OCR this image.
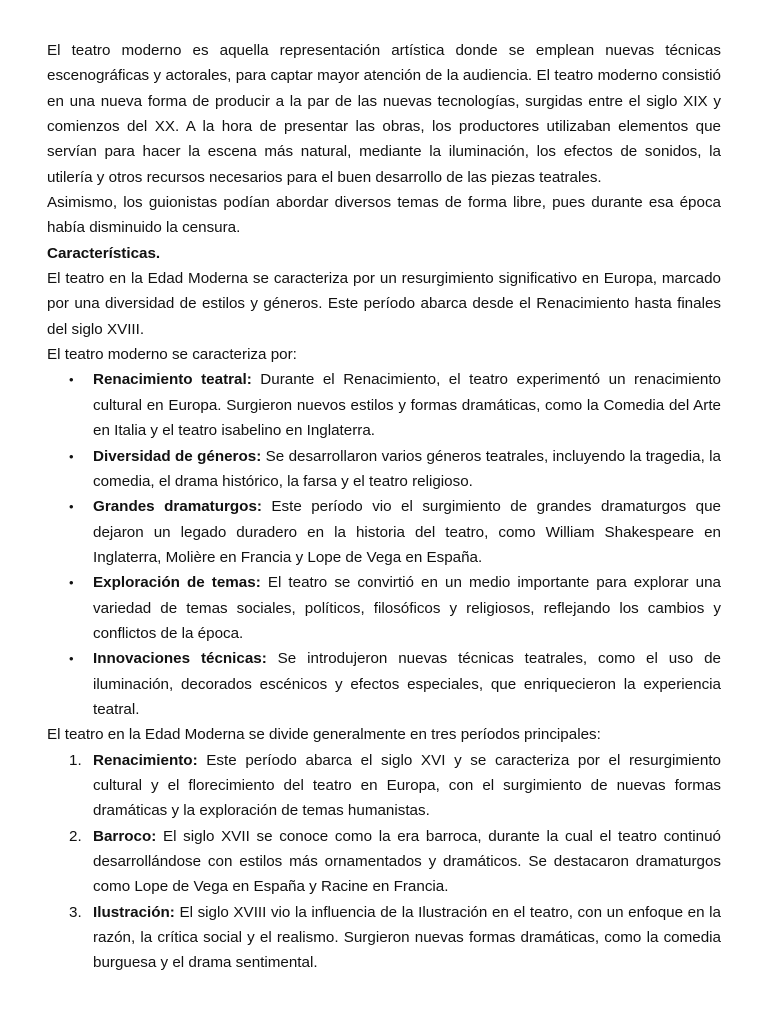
El teatro moderno es aquella representación artística donde se emplean nuevas técnicas escenográficas y actorales, para captar mayor atención de la audiencia. El teatro moderno consistió en una nueva forma de producir a la par de las nuevas tecnologías, surgidas entre el siglo XIX y comienzos del XX. A la hora de presentar las obras, los productores utilizaban elementos que servían para hacer la escena más natural, mediante la iluminación, los efectos de sonidos, la utilería y otros recursos necesarios para el buen desarrollo de las piezas teatrales.

Asimismo, los guionistas podían abordar diversos temas de forma libre, pues durante esa época había disminuido la censura.

Características.

El teatro en la Edad Moderna se caracteriza por un resurgimiento significativo en Europa, marcado por una diversidad de estilos y géneros. Este período abarca desde el Renacimiento hasta finales del siglo XVIII.

El teatro moderno se caracteriza por:

• Renacimiento teatral: Durante el Renacimiento, el teatro experimentó un renacimiento cultural en Europa. Surgieron nuevos estilos y formas dramáticas, como la Comedia del Arte en Italia y el teatro isabelino en Inglaterra.
• Diversidad de géneros: Se desarrollaron varios géneros teatrales, incluyendo la tragedia, la comedia, el drama histórico, la farsa y el teatro religioso.
• Grandes dramaturgos: Este período vio el surgimiento de grandes dramaturgos que dejaron un legado duradero en la historia del teatro, como William Shakespeare en Inglaterra, Molière en Francia y Lope de Vega en España.
• Exploración de temas: El teatro se convirtió en un medio importante para explorar una variedad de temas sociales, políticos, filosóficos y religiosos, reflejando los cambios y conflictos de la época.
• Innovaciones técnicas: Se introdujeron nuevas técnicas teatrales, como el uso de iluminación, decorados escénicos y efectos especiales, que enriquecieron la experiencia teatral.

El teatro en la Edad Moderna se divide generalmente en tres períodos principales:

1. Renacimiento: Este período abarca el siglo XVI y se caracteriza por el resurgimiento cultural y el florecimiento del teatro en Europa, con el surgimiento de nuevas formas dramáticas y la exploración de temas humanistas.
2. Barroco: El siglo XVII se conoce como la era barroca, durante la cual el teatro continuó desarrollándose con estilos más ornamentados y dramáticos. Se destacaron dramaturgos como Lope de Vega en España y Racine en Francia.
3. Ilustración: El siglo XVIII vio la influencia de la Ilustración en el teatro, con un enfoque en la razón, la crítica social y el realismo. Surgieron nuevas formas dramáticas, como la comedia burguesa y el drama sentimental.
